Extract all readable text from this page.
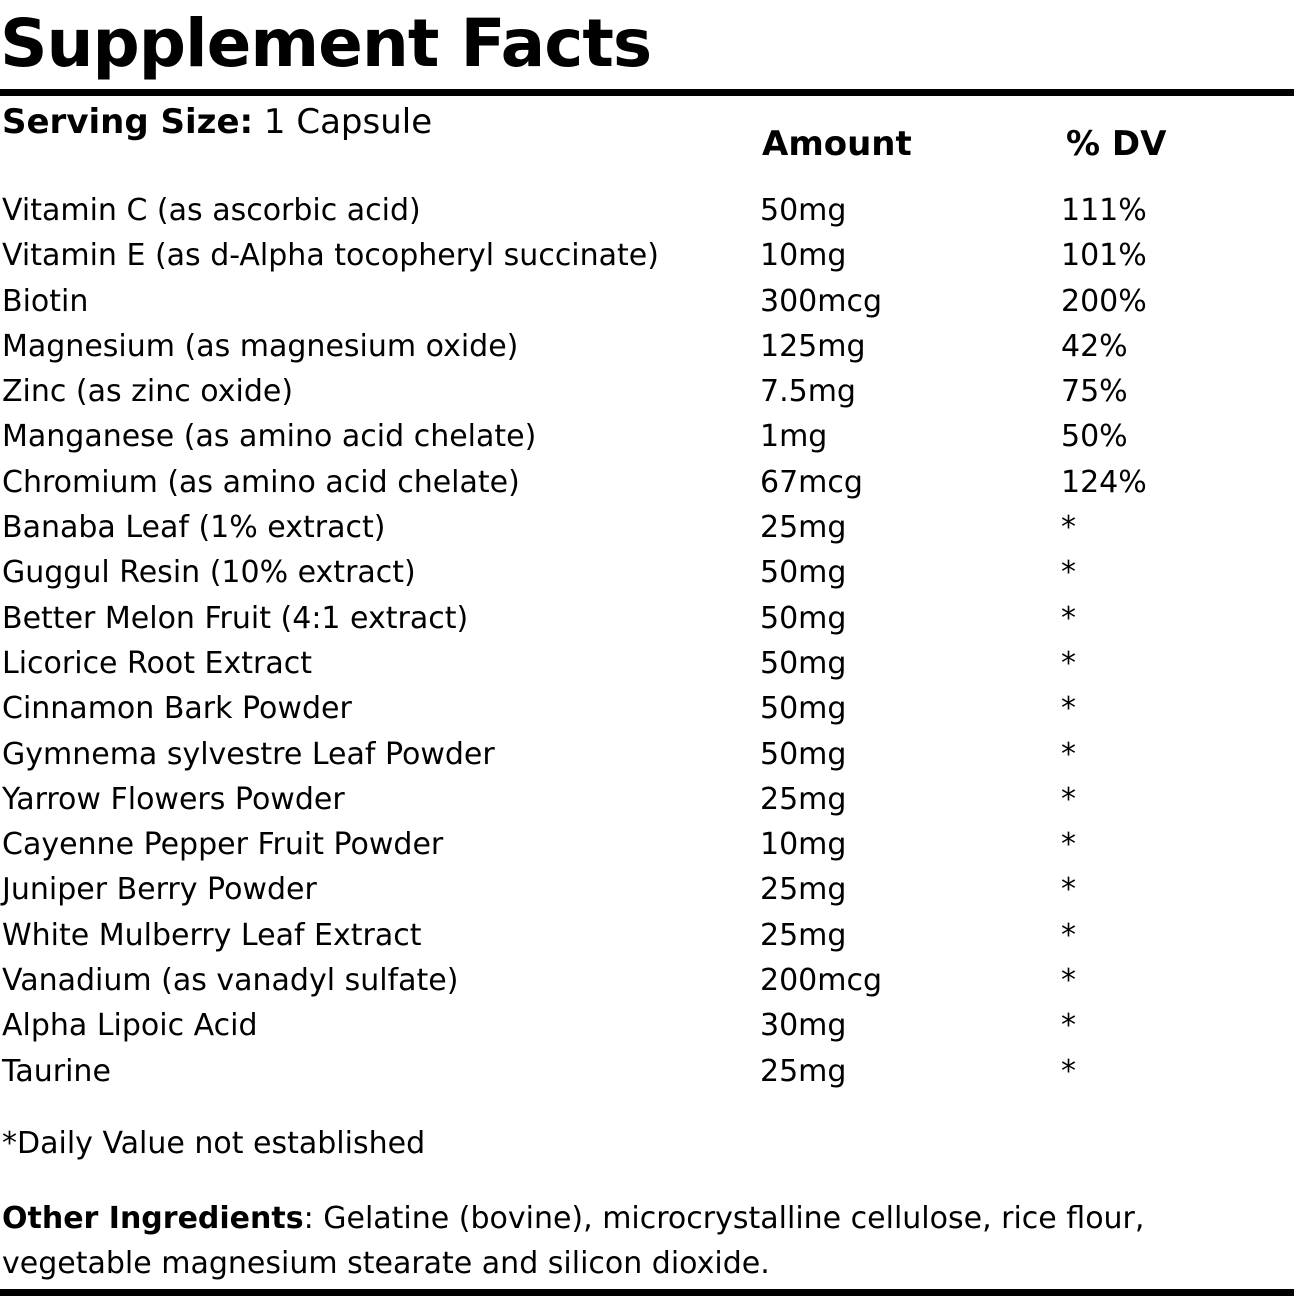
Supplement Facts
Serving Size: 1 Capsule
Amount	% DV
Vitamin C (as ascorbic acid)	50mg	111%
Vitamin E (as d-Alpha tocopheryl succinate)	10mg	101%
Biotin	300mcg	200%
Magnesium (as magnesium oxide)	125mg	42%
Zinc (as zinc oxide)	7.5mg	75%
Manganese (as amino acid chelate)	1mg	50%
Chromium (as amino acid chelate)	67mcg	124%
Banaba Leaf (1% extract)	25mg	*
Guggul Resin (10% extract)	50mg	*
Better Melon Fruit (4:1 extract)	50mg	*
Licorice Root Extract	50mg	*
Cinnamon Bark Powder	50mg	*
Gymnema sylvestre Leaf Powder	50mg	*
Yarrow Flowers Powder	25mg	*
Cayenne Pepper Fruit Powder	10mg	*
Juniper Berry Powder	25mg	*
White Mulberry Leaf Extract	25mg	*
Vanadium (as vanadyl sulfate)	200mcg	*
Alpha Lipoic Acid	30mg	*
Taurine	25mg	*
*Daily Value not established
Other Ingredients: Gelatine (bovine), microcrystalline cellulose, rice flour, vegetable magnesium stearate and silicon dioxide.
